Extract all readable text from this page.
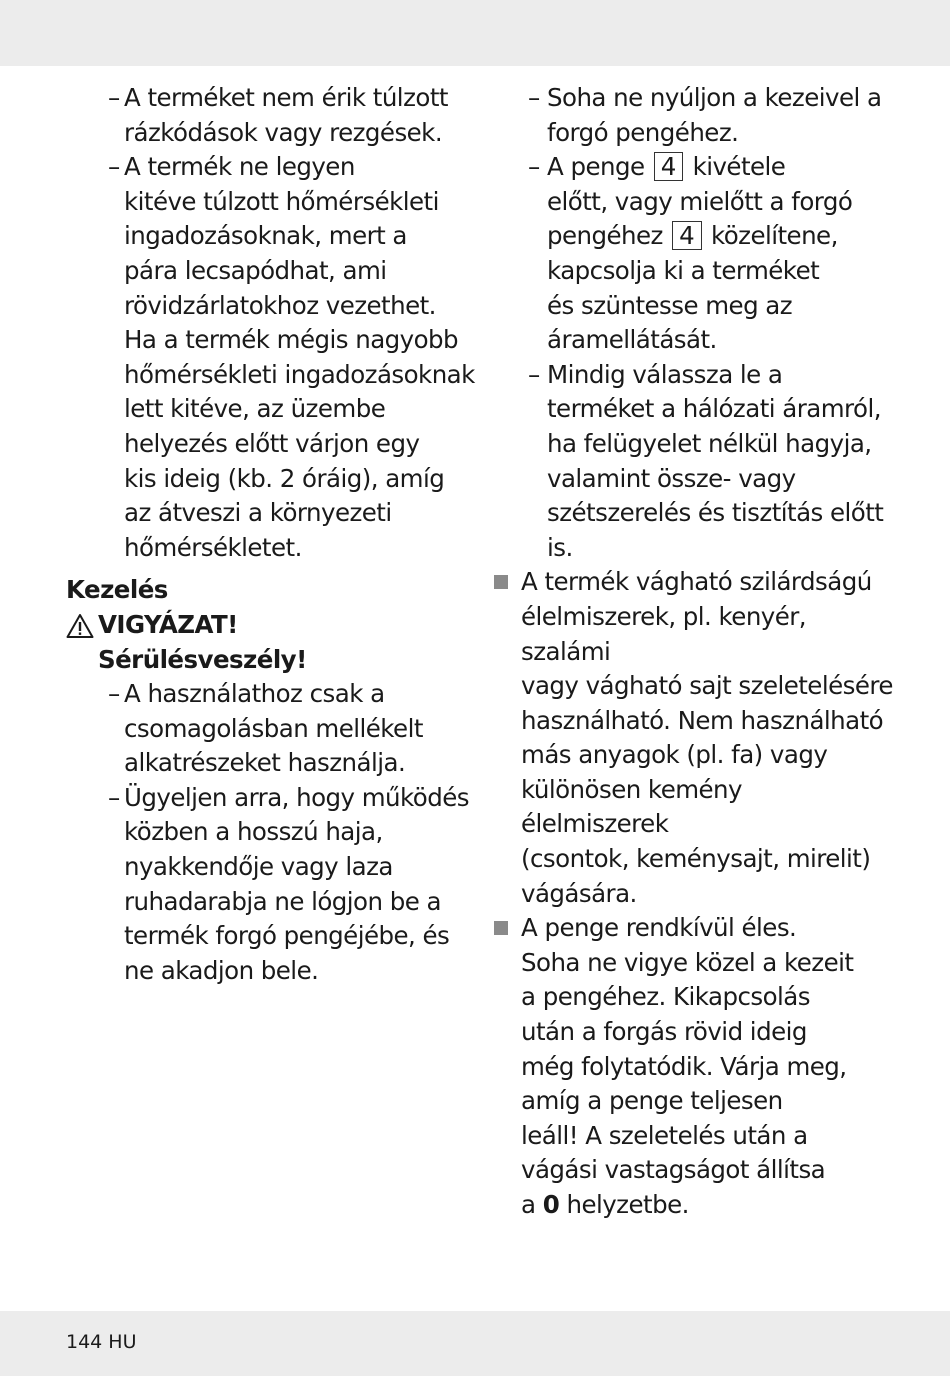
– A terméket nem érik túlzott
rázkódások vagy rezgések.
– A termék ne legyen
kitéve túlzott hőmérsékleti
ingadozásoknak, mert a
pára lecsapódhat, ami
rövidzárlatokhoz vezethet.
Ha a termék mégis nagyobb
hőmérsékleti ingadozásoknak
lett kitéve, az üzembe
helyezés előtt várjon egy
kis ideig (kb. 2 óráig), amíg
az átveszi a környezeti
hőmérsékletet.
Kezelés
VIGYÁZAT!
Sérülésveszély!
– A használathoz csak a
csomagolásban mellékelt
alkatrészeket használja.
– Ügyeljen arra, hogy működés
közben a hosszú haja,
nyakkendője vagy laza
ruhadarabja ne lógjon be a
termék forgó pengéjébe, és
ne akadjon bele.
– Soha ne nyúljon a kezeivel a
forgó pengéhez.
– A penge 4 kivétele
előtt, vagy mielőtt a forgó
pengéhez 4 közelítene,
kapcsolja ki a terméket
és szüntesse meg az
áramellátását.
– Mindig válassza le a
terméket a hálózati áramról,
ha felügyelet nélkül hagyja,
valamint össze- vagy
szétszerelés és tisztítás előtt
is.
A termék vágható szilárdságú
élelmiszerek, pl. kenyér, szalámi
vagy vágható sajt szeletelésére
használható. Nem használható
más anyagok (pl. fa) vagy
különösen kemény élelmiszerek
(csontok, keménysajt, mirelit)
vágására.
A penge rendkívül éles.
Soha ne vigye közel a kezeit
a pengéhez. Kikapcsolás
után a forgás rövid ideig
még folytatódik. Várja meg,
amíg a penge teljesen
leáll! A szeletelés után a
vágási vastagságot állítsa
a 0 helyzetbe.
144 HU
